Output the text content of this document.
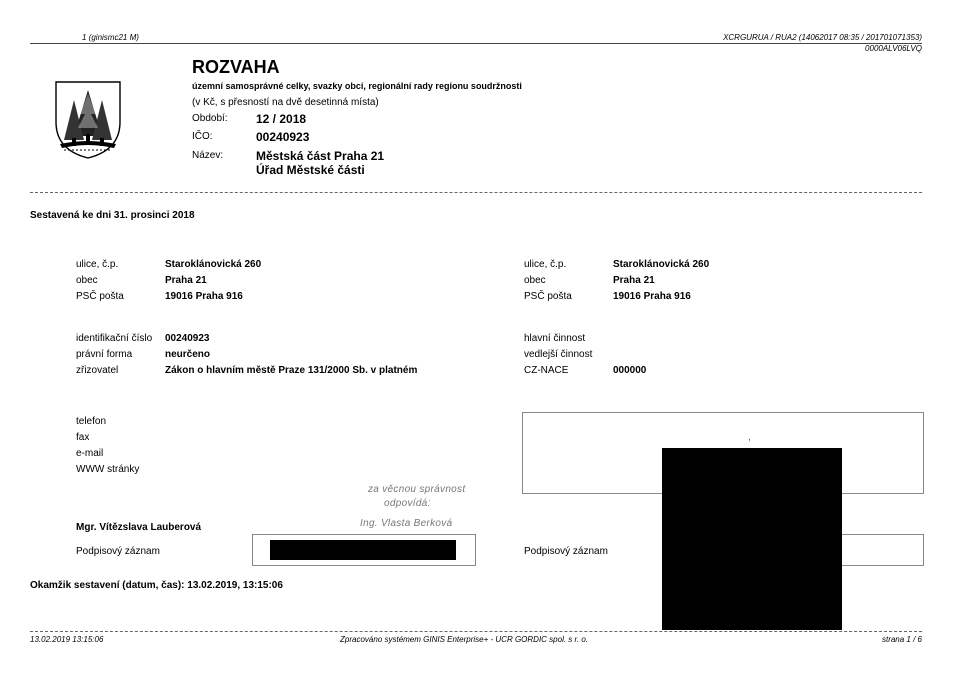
1 (ginismc21 M)	XCRGURUA / RUA2 (14062017 08:35 / 201701071353)
0000ALV06LVQ
ROZVAHA
územní samosprávné celky, svazky obcí, regionální rady regionu soudržnosti
(v Kč, s přesností na dvě desetinná místa)
Období: 12 / 2018
IČO:	00240923
Název:	Městská část Praha 21
Úřad Městské části
Sestavená ke dni 31. prosinci 2018
ulice, č.p.	Staroklánovická 260
obec	Praha 21
PSČ pošta	19016 Praha 916
ulice, č.p.	Staroklánovická 260
obec	Praha 21
PSČ pošta	19016 Praha 916
identifikační číslo 00240923
právní forma	neurčeno
zřizovatel	Zákon o hlavním městě Praze 131/2000 Sb. v platném
hlavní činnost
vedlejší činnost
CZ-NACE	000000
telefon
fax
e-mail
WWW stránky
za věcnou správnost
odpovídá:
Ing. Vlasta Berková
,
Mgr. Vítězslava Lauberová
Podpisový záznam	Podpisový záznam
Okamžik sestavení (datum, čas): 13.02.2019, 13:15:06
13.02.2019 13:15:06	Zpracováno systémem GINIS Enterprise+ - UCR GORDIC spol. s r. o.	strana 1 / 6
